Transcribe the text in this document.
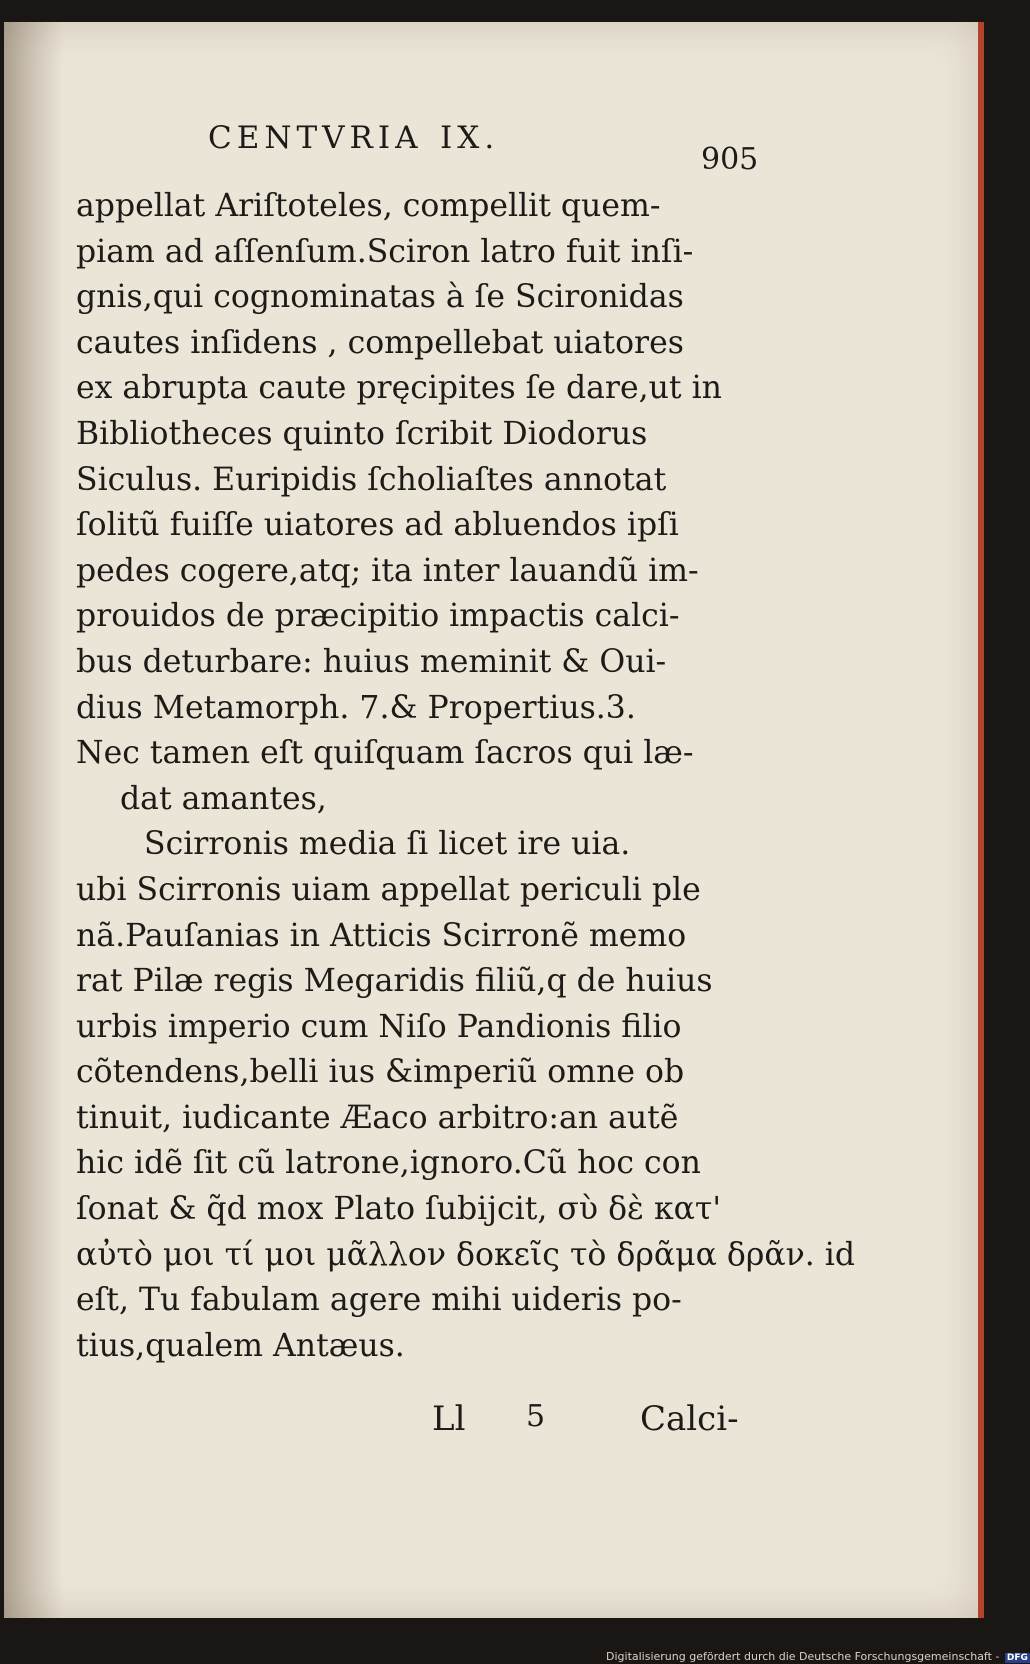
CENTVRIA IX.
905
appellat Ariſtoteles, compellit quem-
piam ad aſſenſum.Sciron latro fuit inſi-
gnis,qui cognominatas à ſe Scironidas
cautes inſidens , compellebat uiatores
ex abrupta caute pręcipites ſe dare,ut in
Bibliotheces quinto ſcribit Diodorus
Siculus. Euripidis ſcholiaſtes annotat
ſolitũ fuiſſe uiatores ad abluendos ipſi
pedes cogere,atq; ita inter lauandũ im-
prouidos de præcipitio impactis calci-
bus deturbare: huius meminit & Oui-
dius Metamorph. 7.& Propertius.3.
Nec tamen eſt quiſquam ſacros qui læ-
dat amantes,
Scirronis media ſi licet ire uia.
ubi Scirronis uiam appellat periculi ple
nã.Pauſanias in Atticis Scirronẽ memo
rat Pilæ regis Megaridis filiũ,q de huius
urbis imperio cum Niſo Pandionis filio
cõtendens,belli ius &imperiũ omne ob
tinuit, iudicante Æaco arbitro:an autẽ
hic idẽ ſit cũ latrone,ignoro.Cũ hoc con
ſonat & q̃d mox Plato ſubijcit, σὺ δὲ κατ'
αὐτὸ μοι τί μοι μᾶλλον δοκεῖς τὸ δρᾶμα δρᾶν. id
eſt, Tu fabulam agere mihi uideris po-
tius,qualem Antæus.
Ll 5	Calci-
Digitalisierung gefördert durch die Deutsche Forschungsgemeinschaft - DFG
